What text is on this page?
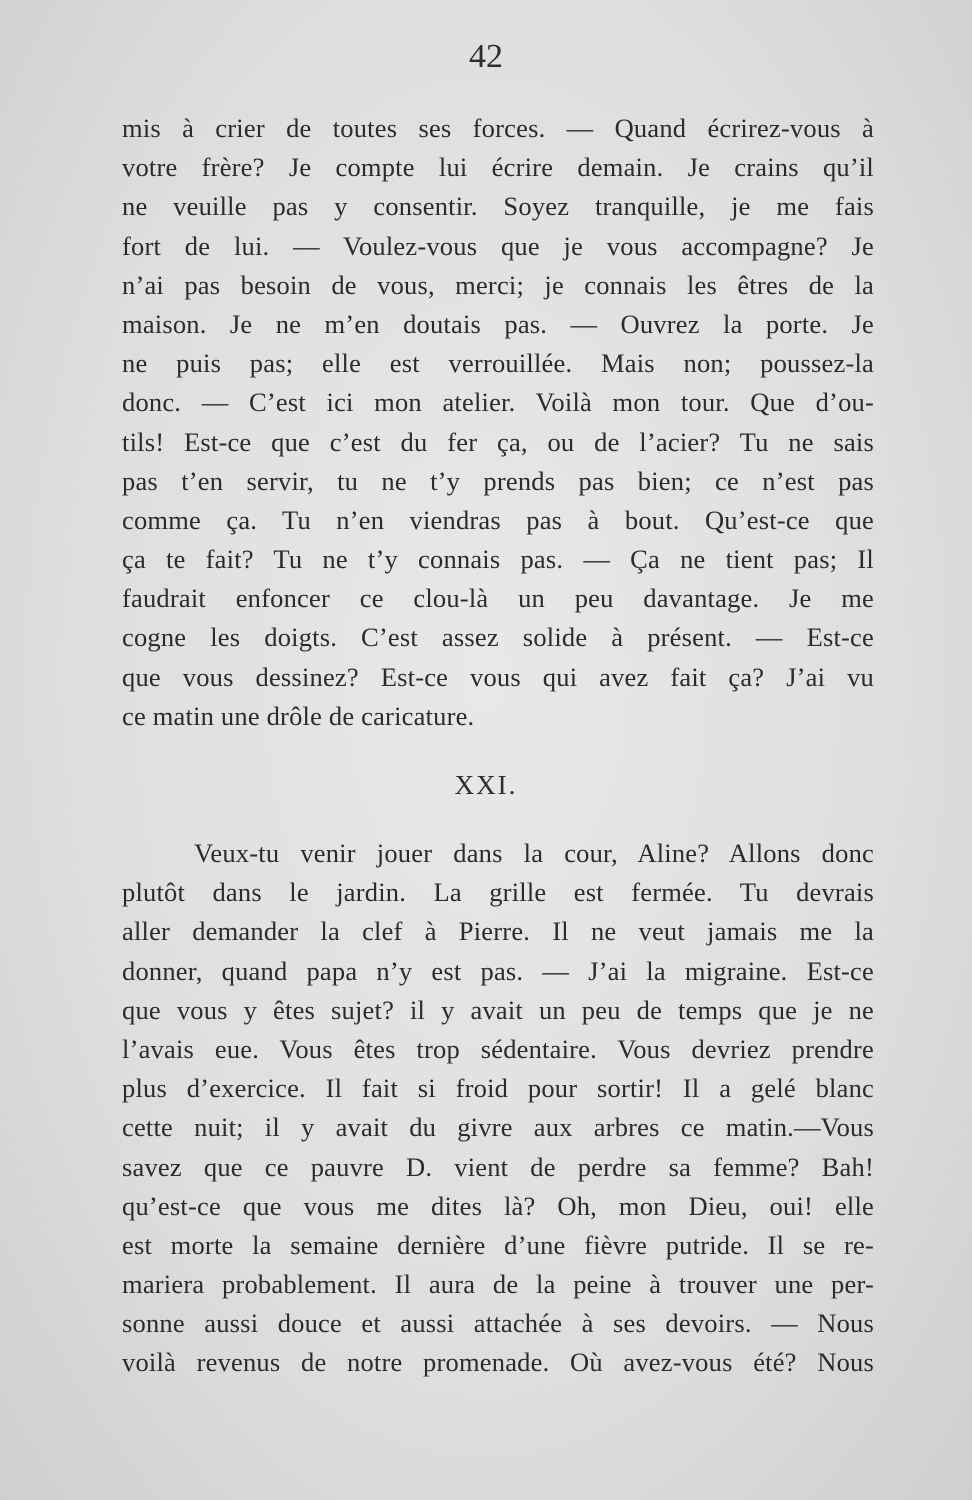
42
mis à crier de toutes ses forces. — Quand écrirez-vous à
votre frère? Je compte lui écrire demain. Je crains qu’il
ne veuille pas y consentir. Soyez tranquille, je me fais
fort de lui. — Voulez-vous que je vous accompagne? Je
n’ai pas besoin de vous, merci; je connais les êtres de la
maison. Je ne m’en doutais pas. — Ouvrez la porte. Je
ne puis pas; elle est verrouillée. Mais non; poussez-la
donc. — C’est ici mon atelier. Voilà mon tour. Que d’ou-
tils! Est-ce que c’est du fer ça, ou de l’acier? Tu ne sais
pas t’en servir, tu ne t’y prends pas bien; ce n’est pas
comme ça. Tu n’en viendras pas à bout. Qu’est-ce que
ça te fait? Tu ne t’y connais pas. — Ça ne tient pas; Il
faudrait enfoncer ce clou-là un peu davantage. Je me
cogne les doigts. C’est assez solide à présent. — Est-ce
que vous dessinez? Est-ce vous qui avez fait ça? J’ai vu
ce matin une drôle de caricature.
XXI.
Veux-tu venir jouer dans la cour, Aline? Allons donc
plutôt dans le jardin. La grille est fermée. Tu devrais
aller demander la clef à Pierre. Il ne veut jamais me la
donner, quand papa n’y est pas. — J’ai la migraine. Est-ce
que vous y êtes sujet? il y avait un peu de temps que je ne
l’avais eue. Vous êtes trop sédentaire. Vous devriez prendre
plus d’exercice. Il fait si froid pour sortir! Il a gelé blanc
cette nuit; il y avait du givre aux arbres ce matin.—Vous
savez que ce pauvre D. vient de perdre sa femme? Bah!
qu’est-ce que vous me dites là? Oh, mon Dieu, oui! elle
est morte la semaine dernière d’une fièvre putride. Il se re-
mariera probablement. Il aura de la peine à trouver une per-
sonne aussi douce et aussi attachée à ses devoirs. — Nous
voilà revenus de notre promenade. Où avez-vous été? Nous
